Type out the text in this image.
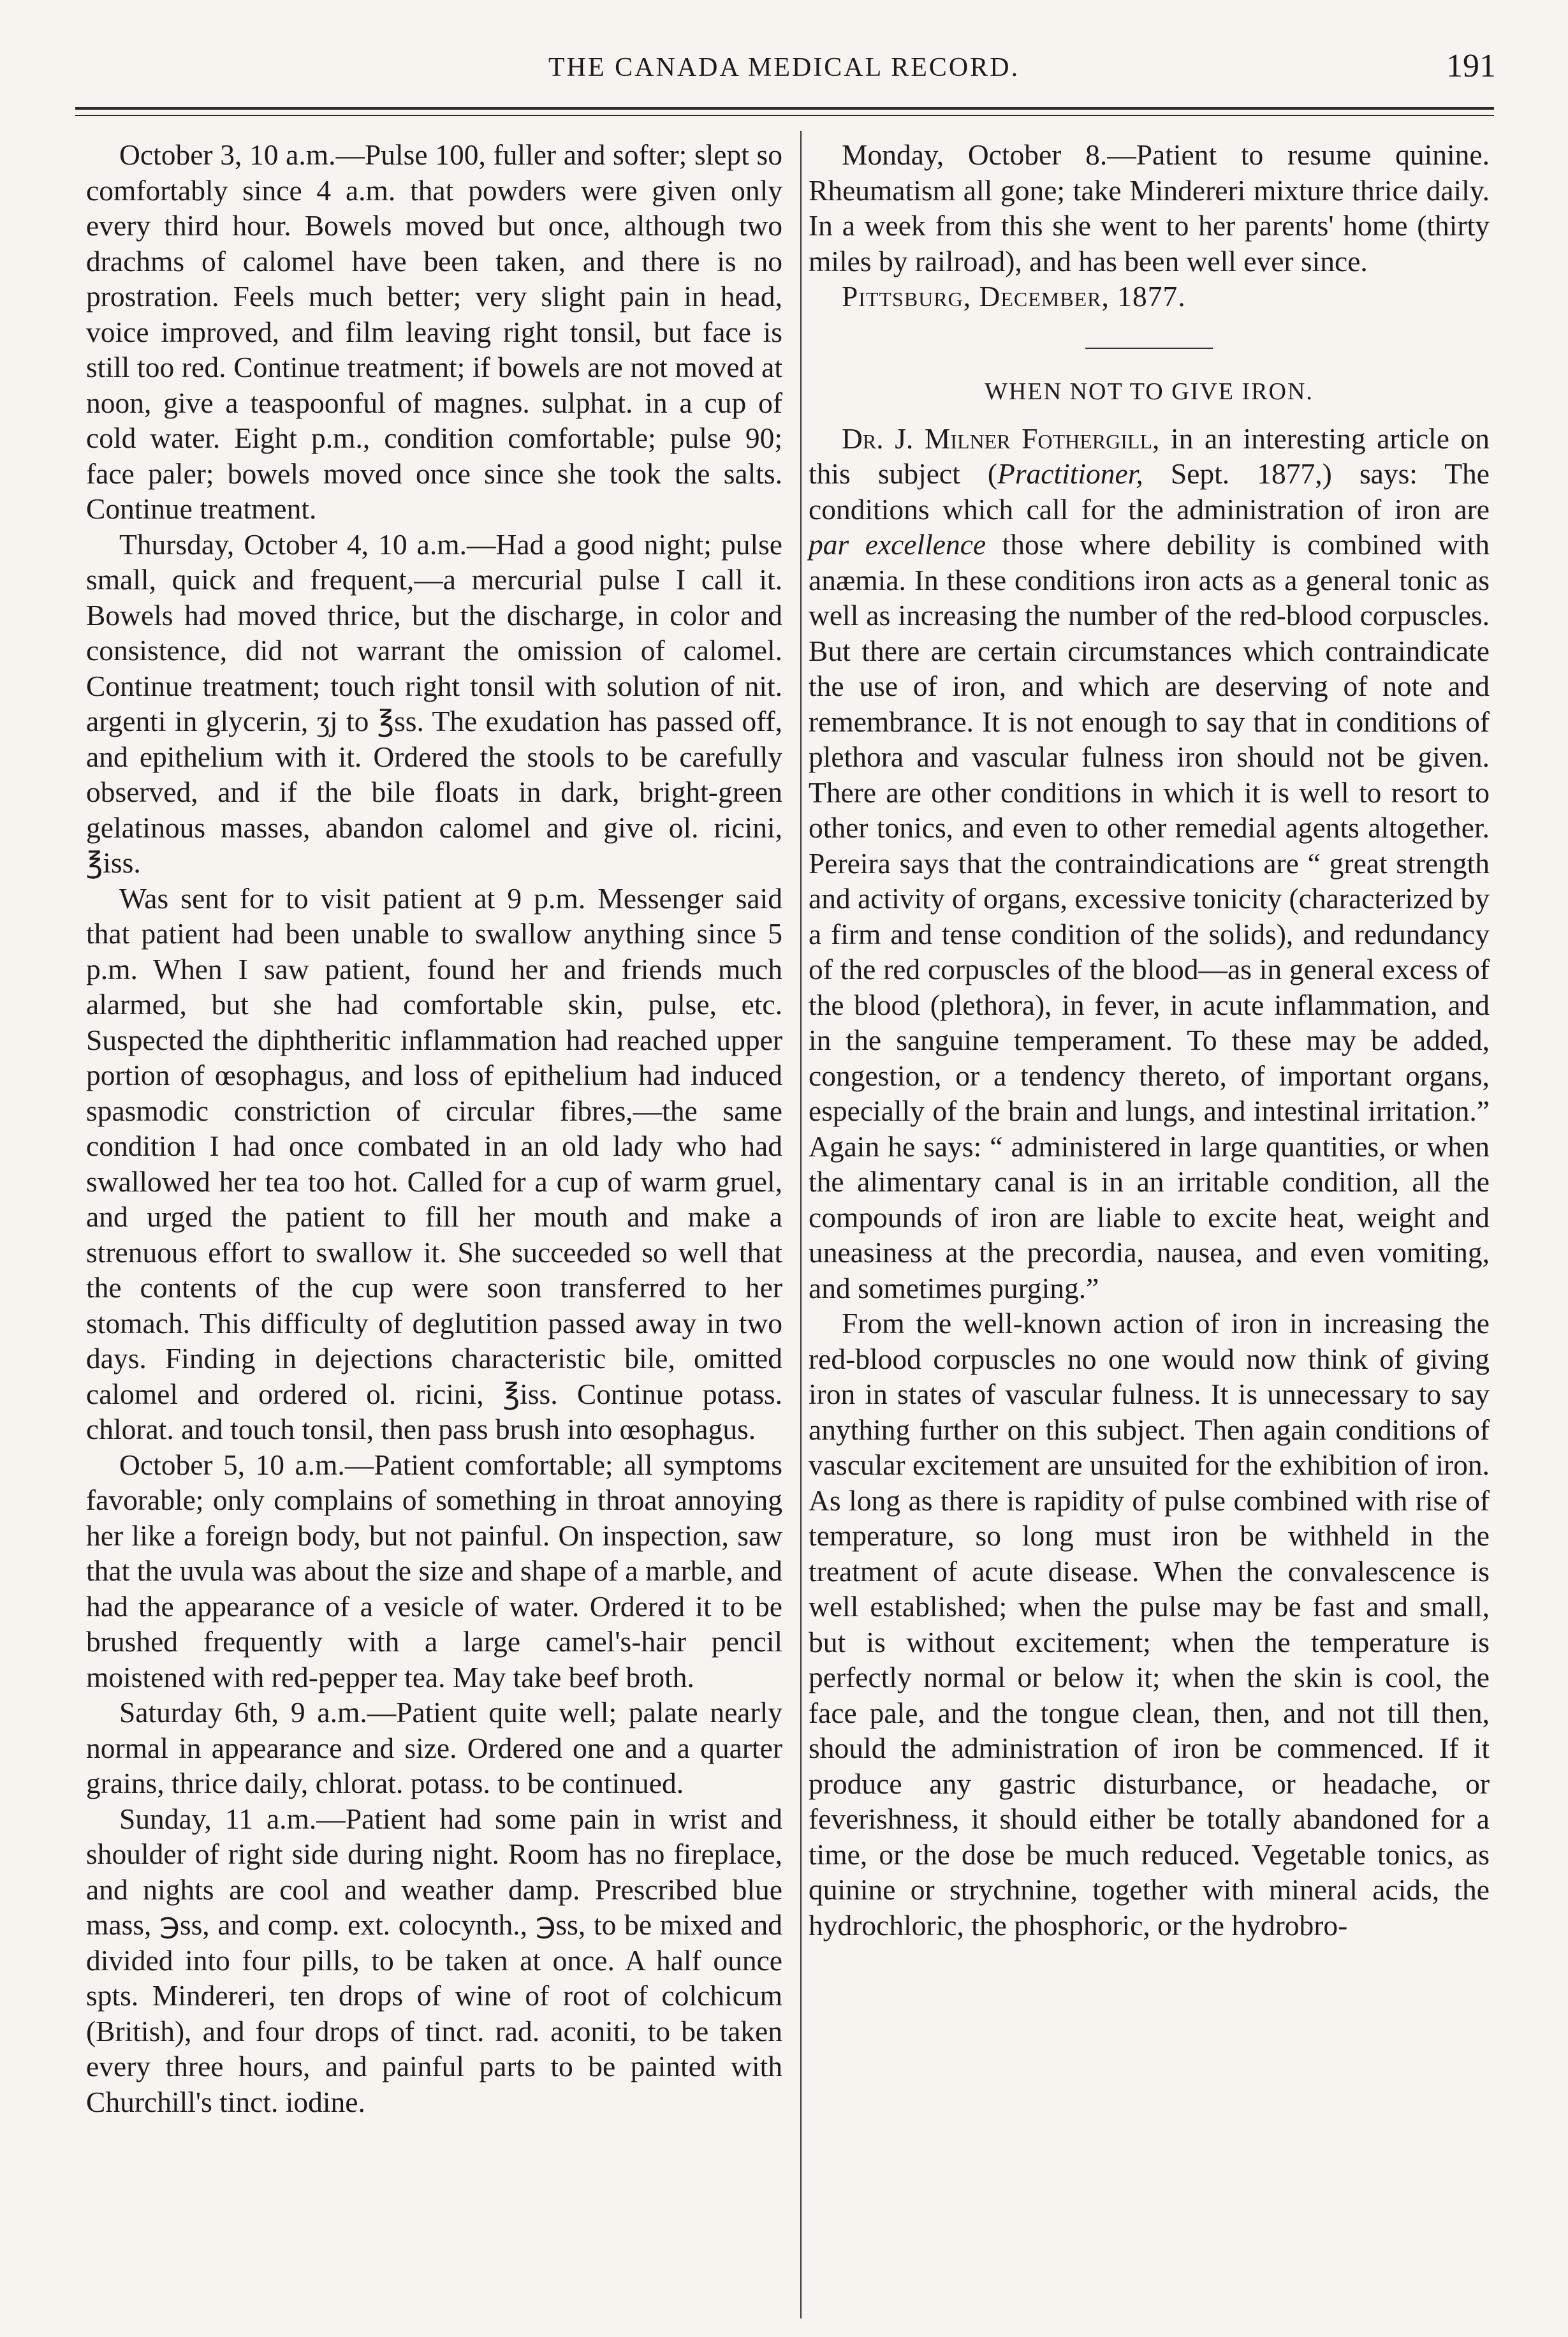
THE CANADA MEDICAL RECORD.	191

October 3, 10 a.m.—Pulse 100, fuller and softer; slept so comfortably since 4 a.m. that powders were given only every third hour. Bowels moved but once, although two drachms of calomel have been taken, and there is no prostration. Feels much better; very slight pain in head, voice improved, and film leaving right tonsil, but face is still too red. Continue treatment; if bowels are not moved at noon, give a teaspoonful of magnes. sulphat. in a cup of cold water. Eight p.m., condition comfortable; pulse 90; face paler; bowels moved once since she took the salts. Continue treatment.

Thursday, October 4, 10 a.m.—Had a good night; pulse small, quick and frequent,—a mercurial pulse I call it. Bowels had moved thrice, but the discharge, in color and consistence, did not warrant the omission of calomel. Continue treatment; touch right tonsil with solution of nit. argenti in glycerin, ʒj to ℥ss. The exudation has passed off, and epithelium with it. Ordered the stools to be carefully observed, and if the bile floats in dark, bright-green gelatinous masses, abandon calomel and give ol. ricini, ℥iss.

Was sent for to visit patient at 9 p.m. Messenger said that patient had been unable to swallow anything since 5 p.m. When I saw patient, found her and friends much alarmed, but she had comfortable skin, pulse, etc. Suspected the diphtheritic inflammation had reached upper portion of œsophagus, and loss of epithelium had induced spasmodic constriction of circular fibres,—the same condition I had once combated in an old lady who had swallowed her tea too hot. Called for a cup of warm gruel, and urged the patient to fill her mouth and make a strenuous effort to swallow it. She succeeded so well that the contents of the cup were soon transferred to her stomach. This difficulty of deglutition passed away in two days. Finding in dejections characteristic bile, omitted calomel and ordered ol. ricini, ℥iss. Continue potass. chlorat. and touch tonsil, then pass brush into œsophagus.

October 5, 10 a.m.—Patient comfortable; all symptoms favorable; only complains of something in throat annoying her like a foreign body, but not painful. On inspection, saw that the uvula was about the size and shape of a marble, and had the appearance of a vesicle of water. Ordered it to be brushed frequently with a large camel's-hair pencil moistened with red-pepper tea. May take beef broth.

Saturday 6th, 9 a.m.—Patient quite well; palate nearly normal in appearance and size. Ordered one and a quarter grains, thrice daily, chlorat. potass. to be continued.

Sunday, 11 a.m.—Patient had some pain in wrist and shoulder of right side during night. Room has no fireplace, and nights are cool and weather damp. Prescribed blue mass, ℈ss, and comp. ext. colocynth., ℈ss, to be mixed and divided into four pills, to be taken at once. A half ounce spts. Mindereri, ten drops of wine of root of colchicum (British), and four drops of tinct. rad. aconiti, to be taken every three hours, and painful parts to be painted with Churchill's tinct. iodine.

Monday, October 8.—Patient to resume quinine. Rheumatism all gone; take Mindereri mixture thrice daily. In a week from this she went to her parents' home (thirty miles by railroad), and has been well ever since.

Pittsburg, December, 1877.

WHEN NOT TO GIVE IRON.

Dr. J. Milner Fothergill, in an interesting article on this subject (Practitioner, Sept. 1877,) says: The conditions which call for the administration of iron are par excellence those where debility is combined with anæmia. In these conditions iron acts as a general tonic as well as increasing the number of the red-blood corpuscles. But there are certain circumstances which contraindicate the use of iron, and which are deserving of note and remembrance. It is not enough to say that in conditions of plethora and vascular fulness iron should not be given. There are other conditions in which it is well to resort to other tonics, and even to other remedial agents altogether. Pereira says that the contraindications are “ great strength and activity of organs, excessive tonicity (characterized by a firm and tense condition of the solids), and redundancy of the red corpuscles of the blood—as in general excess of the blood (plethora), in fever, in acute inflammation, and in the sanguine temperament. To these may be added, congestion, or a tendency thereto, of important organs, especially of the brain and lungs, and intestinal irritation.” Again he says: “ administered in large quantities, or when the alimentary canal is in an irritable condition, all the compounds of iron are liable to excite heat, weight and uneasiness at the precordia, nausea, and even vomiting, and sometimes purging.”

From the well-known action of iron in increasing the red-blood corpuscles no one would now think of giving iron in states of vascular fulness. It is unnecessary to say anything further on this subject. Then again conditions of vascular excitement are unsuited for the exhibition of iron. As long as there is rapidity of pulse combined with rise of temperature, so long must iron be withheld in the treatment of acute disease. When the convalescence is well established; when the pulse may be fast and small, but is without excitement; when the temperature is perfectly normal or below it; when the skin is cool, the face pale, and the tongue clean, then, and not till then, should the administration of iron be commenced. If it produce any gastric disturbance, or headache, or feverishness, it should either be totally abandoned for a time, or the dose be much reduced. Vegetable tonics, as quinine or strychnine, together with mineral acids, the hydrochloric, the phosphoric, or the hydrobro-
